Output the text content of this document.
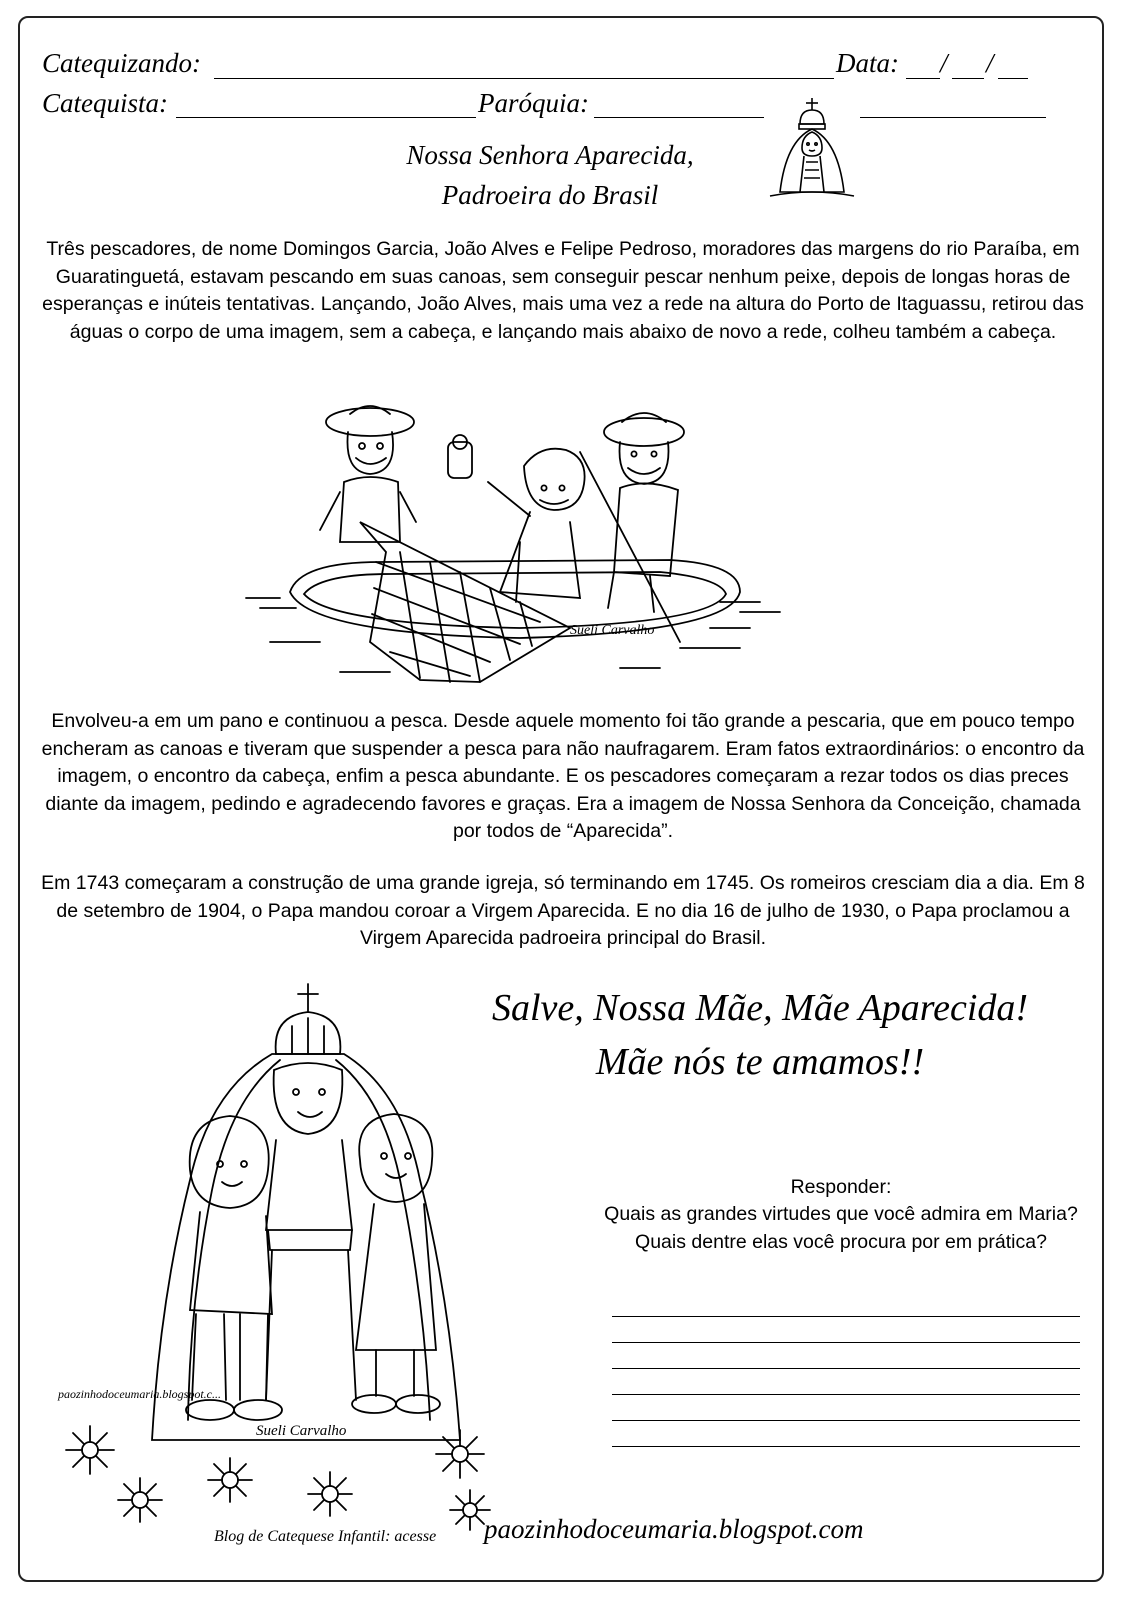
Catequizando:	Data: / /
Catequista:	Paróquia:
Nossa Senhora Aparecida,
Padroeira do Brasil

Três pescadores, de nome Domingos Garcia, João Alves e Felipe Pedroso, moradores das margens do rio Paraíba, em Guaratinguetá, estavam pescando em suas canoas, sem conseguir pescar nenhum peixe, depois de longas horas de esperanças e inúteis tentativas. Lançando, João Alves, mais uma vez a rede na altura do Porto de Itaguassu, retirou das águas o corpo de uma imagem, sem a cabeça, e lançando mais abaixo de novo a rede, colheu também a cabeça.

Sueli Carvalho

Envolveu-a em um pano e continuou a pesca. Desde aquele momento foi tão grande a pescaria, que em pouco tempo encheram as canoas e tiveram que suspender a pesca para não naufragarem. Eram fatos extraordinários: o encontro da imagem, o encontro da cabeça, enfim a pesca abundante. E os pescadores começaram a rezar todos os dias preces diante da imagem, pedindo e agradecendo favores e graças. Era a imagem de Nossa Senhora da Conceição, chamada por todos de “Aparecida”.

Em 1743 começaram a construção de uma grande igreja, só terminando em 1745. Os romeiros cresciam dia a dia. Em 8 de setembro de 1904, o Papa mandou coroar a Virgem Aparecida. E no dia 16 de julho de 1930, o Papa proclamou a Virgem Aparecida padroeira principal do Brasil.

Salve, Nossa Mãe, Mãe Aparecida!
Mãe nós te amamos!!
Sueli Carvalho
paozinhodoceumaria.blogspot.c...
Responder:
Quais as grandes virtudes que você admira em Maria? Quais dentre elas você procura por em prática?
Blog de Catequese Infantil: acesse paozinhodoceumaria.blogspot.com
